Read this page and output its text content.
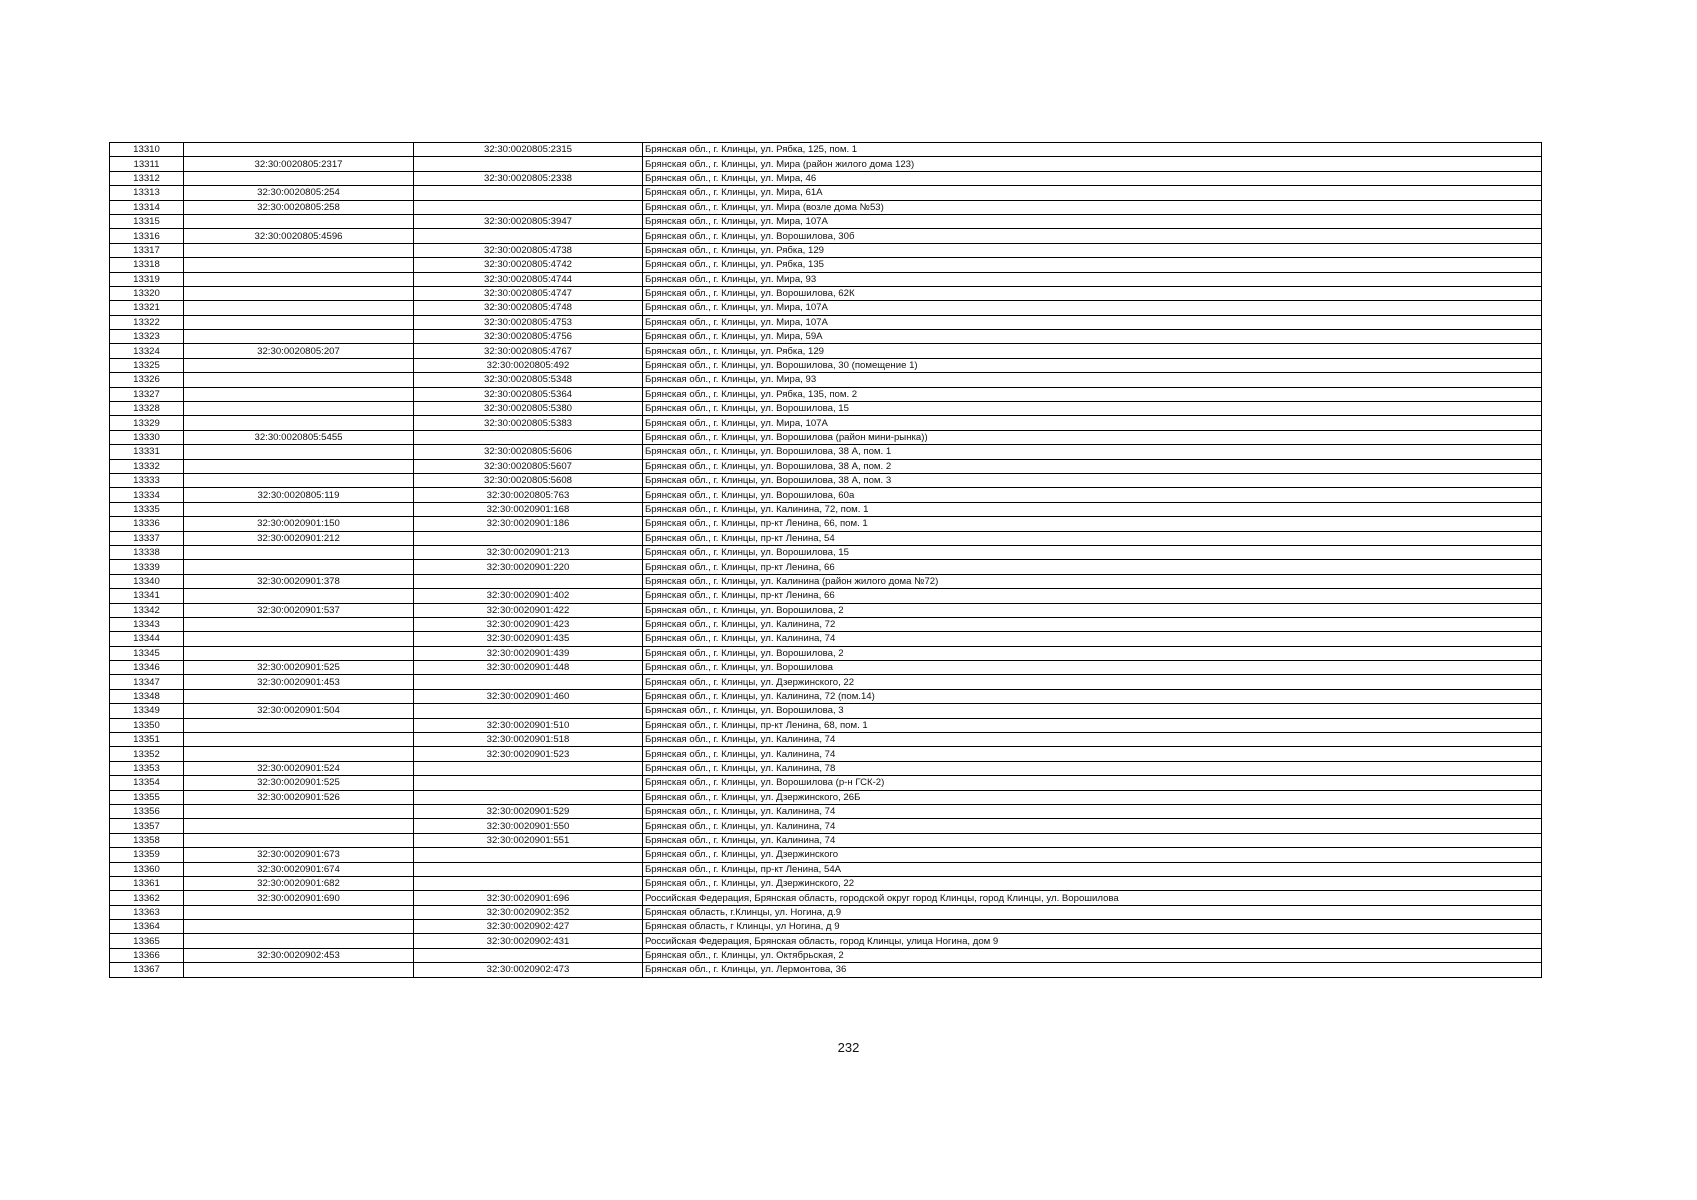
13310		32:30:0020805:2315	Брянская обл., г. Клинцы, ул. Рябка, 125, пом. 1
13311	32:30:0020805:2317		Брянская обл., г. Клинцы, ул. Мира (район жилого дома 123)
13312		32:30:0020805:2338	Брянская обл., г. Клинцы, ул. Мира, 46
13313	32:30:0020805:254		Брянская обл., г. Клинцы, ул. Мира, 61А
13314	32:30:0020805:258		Брянская обл., г. Клинцы, ул. Мира (возле дома №53)
13315		32:30:0020805:3947	Брянская обл., г. Клинцы, ул. Мира, 107А
13316	32:30:0020805:4596		Брянская обл., г. Клинцы, ул. Ворошилова, 30б
13317		32:30:0020805:4738	Брянская обл., г. Клинцы, ул. Рябка, 129
13318		32:30:0020805:4742	Брянская обл., г. Клинцы, ул. Рябка, 135
13319		32:30:0020805:4744	Брянская обл., г. Клинцы, ул. Мира, 93
13320		32:30:0020805:4747	Брянская обл., г. Клинцы, ул. Ворошилова, 62К
13321		32:30:0020805:4748	Брянская обл., г. Клинцы, ул. Мира, 107А
13322		32:30:0020805:4753	Брянская обл., г. Клинцы, ул. Мира, 107А
13323		32:30:0020805:4756	Брянская обл., г. Клинцы, ул. Мира, 59А
13324	32:30:0020805:207	32:30:0020805:4767	Брянская обл., г. Клинцы, ул. Рябка, 129
13325		32:30:0020805:492	Брянская обл., г. Клинцы, ул. Ворошилова, 30 (помещение 1)
13326		32:30:0020805:5348	Брянская обл., г. Клинцы, ул. Мира, 93
13327		32:30:0020805:5364	Брянская обл., г. Клинцы, ул. Рябка, 135, пом. 2
13328		32:30:0020805:5380	Брянская обл., г. Клинцы, ул. Ворошилова, 15
13329		32:30:0020805:5383	Брянская обл., г. Клинцы, ул. Мира, 107А
13330	32:30:0020805:5455		Брянская обл., г. Клинцы, ул. Ворошилова (район мини-рынка))
13331		32:30:0020805:5606	Брянская обл., г. Клинцы, ул. Ворошилова, 38 А, пом. 1
13332		32:30:0020805:5607	Брянская обл., г. Клинцы, ул. Ворошилова, 38 А, пом. 2
13333		32:30:0020805:5608	Брянская обл., г. Клинцы, ул. Ворошилова, 38 А, пом. 3
13334	32:30:0020805:119	32:30:0020805:763	Брянская обл., г. Клинцы, ул. Ворошилова, 60а
13335		32:30:0020901:168	Брянская обл., г. Клинцы, ул. Калинина, 72, пом. 1
13336	32:30:0020901:150	32:30:0020901:186	Брянская обл., г. Клинцы, пр-кт Ленина, 66, пом. 1
13337	32:30:0020901:212		Брянская обл., г. Клинцы, пр-кт Ленина, 54
13338		32:30:0020901:213	Брянская обл., г. Клинцы, ул. Ворошилова, 15
13339		32:30:0020901:220	Брянская обл., г. Клинцы, пр-кт Ленина, 66
13340	32:30:0020901:378		Брянская обл., г. Клинцы, ул. Калинина (район жилого дома №72)
13341		32:30:0020901:402	Брянская обл., г. Клинцы, пр-кт Ленина, 66
13342	32:30:0020901:537	32:30:0020901:422	Брянская обл., г. Клинцы, ул. Ворошилова, 2
13343		32:30:0020901:423	Брянская обл., г. Клинцы, ул. Калинина, 72
13344		32:30:0020901:435	Брянская обл., г. Клинцы, ул. Калинина, 74
13345		32:30:0020901:439	Брянская обл., г. Клинцы, ул. Ворошилова, 2
13346	32:30:0020901:525	32:30:0020901:448	Брянская обл., г. Клинцы, ул. Ворошилова
13347	32:30:0020901:453		Брянская обл., г. Клинцы, ул. Дзержинского, 22
13348		32:30:0020901:460	Брянская обл., г. Клинцы, ул. Калинина, 72 (пом.14)
13349	32:30:0020901:504		Брянская обл., г. Клинцы, ул. Ворошилова, 3
13350		32:30:0020901:510	Брянская обл., г. Клинцы, пр-кт Ленина, 68, пом. 1
13351		32:30:0020901:518	Брянская обл., г. Клинцы, ул. Калинина, 74
13352		32:30:0020901:523	Брянская обл., г. Клинцы, ул. Калинина, 74
13353	32:30:0020901:524		Брянская обл., г. Клинцы, ул. Калинина, 78
13354	32:30:0020901:525		Брянская обл., г. Клинцы, ул. Ворошилова (р-н ГСК-2)
13355	32:30:0020901:526		Брянская обл., г. Клинцы, ул. Дзержинского, 26Б
13356		32:30:0020901:529	Брянская обл., г. Клинцы, ул. Калинина, 74
13357		32:30:0020901:550	Брянская обл., г. Клинцы, ул. Калинина, 74
13358		32:30:0020901:551	Брянская обл., г. Клинцы, ул. Калинина, 74
13359	32:30:0020901:673		Брянская обл., г. Клинцы, ул. Дзержинского
13360	32:30:0020901:674		Брянская обл., г. Клинцы, пр-кт Ленина, 54А
13361	32:30:0020901:682		Брянская обл., г. Клинцы, ул. Дзержинского, 22
13362	32:30:0020901:690	32:30:0020901:696	Российская Федерация, Брянская область, городской округ город Клинцы, город Клинцы, ул. Ворошилова
13363		32:30:0020902:352	Брянская область, г.Клинцы, ул. Ногина, д.9
13364		32:30:0020902:427	Брянская область, г Клинцы, ул Ногина, д 9
13365		32:30:0020902:431	Российская Федерация, Брянская область, город Клинцы, улица Ногина, дом 9
13366	32:30:0020902:453		Брянская обл., г. Клинцы, ул. Октябрьская, 2
13367		32:30:0020902:473	Брянская обл., г. Клинцы, ул. Лермонтова, 36
232
